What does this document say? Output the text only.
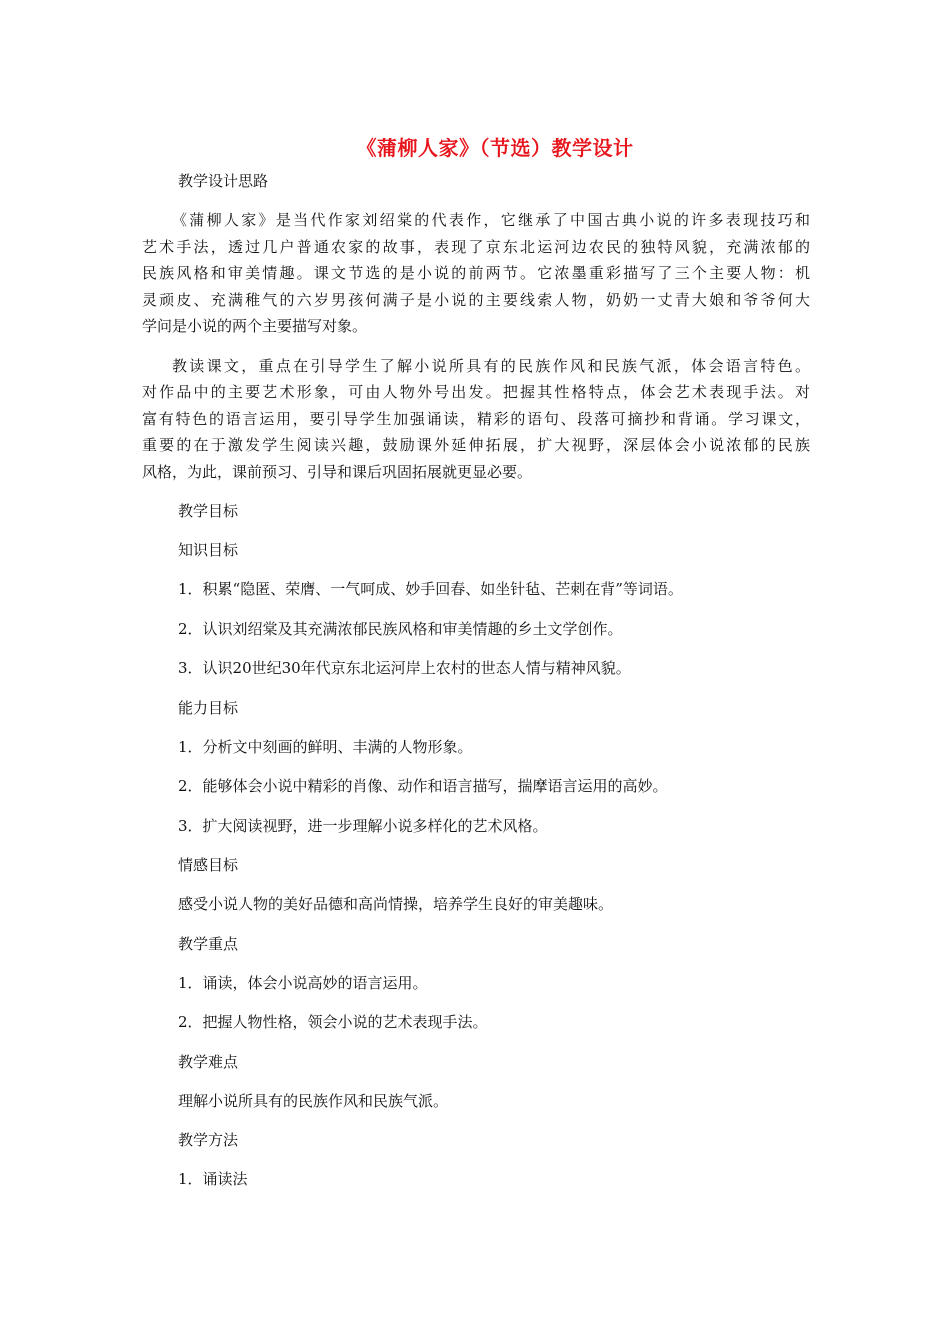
《蒲柳人家》（节选）教学设计
教学设计思路
《蒲柳人家》是当代作家刘绍棠的代表作，它继承了中国古典小说的许多表现技巧和
艺术手法，透过几户普通农家的故事，表现了京东北运河边农民的独特风貌，充满浓郁的
民族风格和审美情趣。课文节选的是小说的前两节。它浓墨重彩描写了三个主要人物：机
灵顽皮、充满稚气的六岁男孩何满子是小说的主要线索人物，奶奶一丈青大娘和爷爷何大
学问是小说的两个主要描写对象。
教读课文，重点在引导学生了解小说所具有的民族作风和民族气派，体会语言特色。
对作品中的主要艺术形象，可由人物外号出发。把握其性格特点，体会艺术表现手法。对
富有特色的语言运用，要引导学生加强诵读，精彩的语句、段落可摘抄和背诵。学习课文，
重要的在于激发学生阅读兴趣，鼓励课外延伸拓展，扩大视野，深层体会小说浓郁的民族
风格，为此，课前预习、引导和课后巩固拓展就更显必要。
教学目标
知识目标
1．积累“隐匿、荣膺、一气呵成、妙手回春、如坐针毡、芒刺在背”等词语。
2．认识刘绍棠及其充满浓郁民族风格和审美情趣的乡土文学创作。
3．认识20世纪30年代京东北运河岸上农村的世态人情与精神风貌。
能力目标
1．分析文中刻画的鲜明、丰满的人物形象。
2．能够体会小说中精彩的肖像、动作和语言描写，揣摩语言运用的高妙。
3．扩大阅读视野，进一步理解小说多样化的艺术风格。
情感目标
感受小说人物的美好品德和高尚情操，培养学生良好的审美趣味。
教学重点
1．诵读，体会小说高妙的语言运用。
2．把握人物性格，领会小说的艺术表现手法。
教学难点
理解小说所具有的民族作风和民族气派。
教学方法
1．诵读法
